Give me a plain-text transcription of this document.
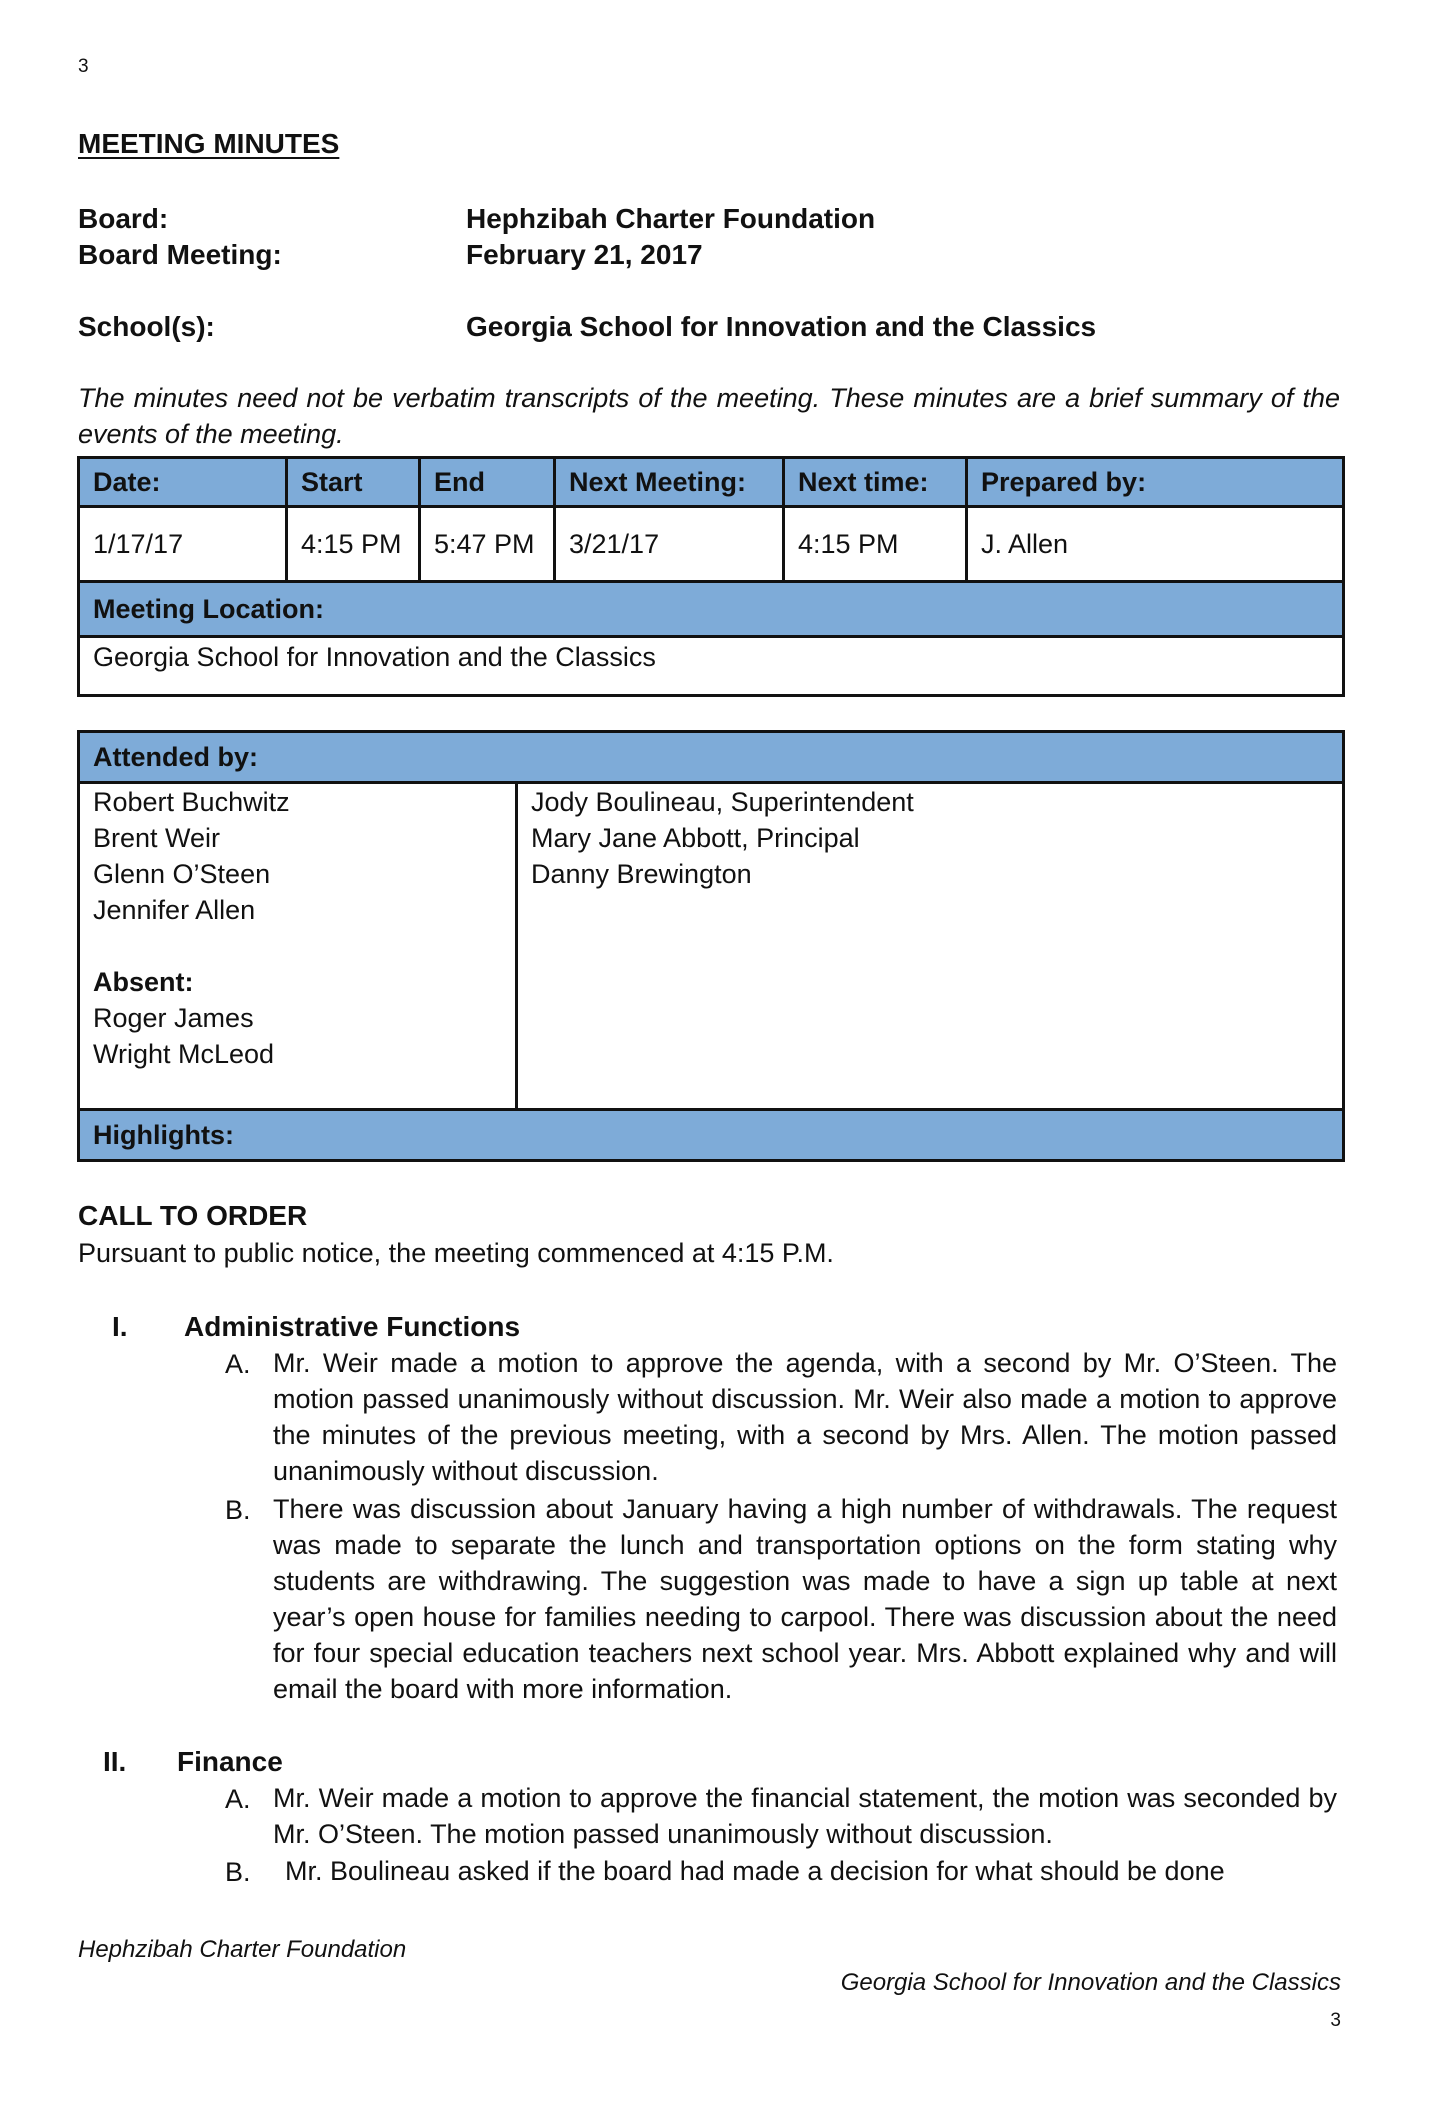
3
MEETING MINUTES
Board:	Hephzibah Charter Foundation
Board Meeting:	February 21, 2017
School(s):	Georgia School for Innovation and the Classics
The minutes need not be verbatim transcripts of the meeting. These minutes are a brief summary of the events of the meeting.
Date:	Start	End	Next Meeting:	Next time:	Prepared by:
1/17/17	4:15 PM	5:47 PM	3/21/17	4:15 PM	J. Allen
Meeting Location:					
Georgia School for Innovation and the Classics					
Attended by:

Robert Buchwitz
Brent Weir
Glenn O’Steen
Jennifer Allen
Absent:
Roger James
Wright McLeod

Jody Boulineau, Superintendent
Mary Jane Abbott, Principal
Danny Brewington

Highlights:
CALL TO ORDER
Pursuant to public notice, the meeting commenced at 4:15 P.M.
I. Administrative Functions
A. Mr. Weir made a motion to approve the agenda, with a second by Mr. O’Steen. The motion passed unanimously without discussion. Mr. Weir also made a motion to approve the minutes of the previous meeting, with a second by Mrs. Allen. The motion passed unanimously without discussion.
B. There was discussion about January having a high number of withdrawals. The request was made to separate the lunch and transportation options on the form stating why students are withdrawing. The suggestion was made to have a sign up table at next year’s open house for families needing to carpool. There was discussion about the need for four special education teachers next school year. Mrs. Abbott explained why and will email the board with more information.
II. Finance
A. Mr. Weir made a motion to approve the financial statement, the motion was seconded by Mr. O’Steen. The motion passed unanimously without discussion.
B. Mr. Boulineau asked if the board had made a decision for what should be done
Hephzibah Charter Foundation
Georgia School for Innovation and the Classics
3
